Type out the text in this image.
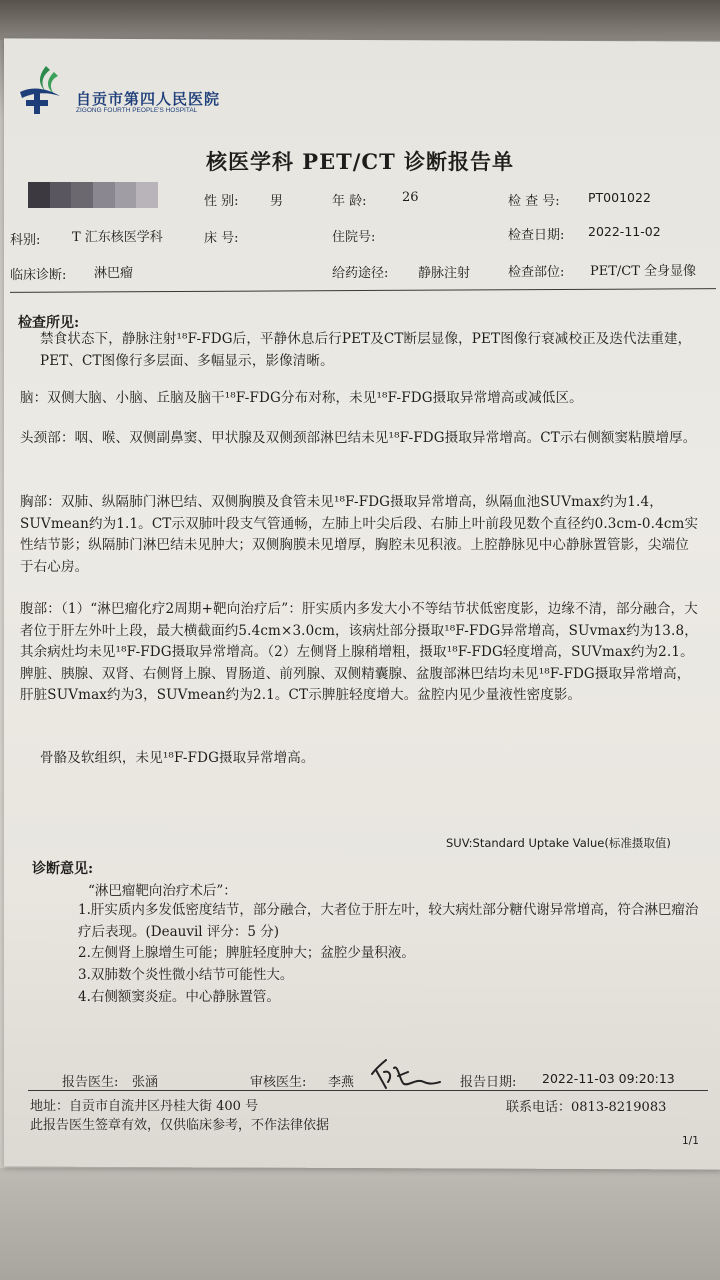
自贡市第四人民医院
ZIGONG FOURTH PEOPLE'S HOSPITAL
核医学科 PET/CT 诊断报告单
性 别: 男	年 龄:	26	检 查 号: PT001022
科别: T 汇东核医学科	床 号:	住院号:	检查日期: 2022-11-02
临床诊断: 淋巴瘤	给药途径: 静脉注射	检查部位: PET/CT 全身显像
检查所见:
禁食状态下，静脉注射¹⁸F-FDG后，平静休息后行PET及CT断层显像，PET图像行衰减校正及迭代法重建，PET、CT图像行多层面、多幅显示，影像清晰。
脑：双侧大脑、小脑、丘脑及脑干¹⁸F-FDG分布对称，未见¹⁸F-FDG摄取异常增高或减低区。
头颈部：咽、喉、双侧副鼻窦、甲状腺及双侧颈部淋巴结未见¹⁸F-FDG摄取异常增高。CT示右侧额窦粘膜增厚。
胸部：双肺、纵隔肺门淋巴结、双侧胸膜及食管未见¹⁸F-FDG摄取异常增高，纵隔血池SUVmax约为1.4，SUVmean约为1.1。CT示双肺叶段支气管通畅，左肺上叶尖后段、右肺上叶前段见数个直径约0.3cm-0.4cm实性结节影；纵隔肺门淋巴结未见肿大；双侧胸膜未见增厚，胸腔未见积液。上腔静脉见中心静脉置管影，尖端位于右心房。
腹部：（1）“淋巴瘤化疗2周期+靶向治疗后”：肝实质内多发大小不等结节状低密度影，边缘不清，部分融合，大者位于肝左外叶上段，最大横截面约5.4cm×3.0cm，该病灶部分摄取¹⁸F-FDG异常增高，SUvmax约为13.8，其余病灶均未见¹⁸F-FDG摄取异常增高。（2）左侧肾上腺稍增粗，摄取¹⁸F-FDG轻度增高，SUVmax约为2.1。脾脏、胰腺、双肾、右侧肾上腺、胃肠道、前列腺、双侧精囊腺、盆腹部淋巴结均未见¹⁸F-FDG摄取异常增高，肝脏SUVmax约为3，SUVmean约为2.1。CT示脾脏轻度增大。盆腔内见少量液性密度影。
骨骼及软组织，未见¹⁸F-FDG摄取异常增高。
SUV:Standard Uptake Value(标准摄取值)
诊断意见:
“淋巴瘤靶向治疗术后”：
1.肝实质内多发低密度结节，部分融合，大者位于肝左叶，较大病灶部分糖代谢异常增高，符合淋巴瘤治疗后表现。(Deauvil 评分：5 分)
2.左侧肾上腺增生可能；脾脏轻度肿大；盆腔少量积液。
3.双肺数个炎性微小结节可能性大。
4.右侧额窦炎症。中心静脉置管。
报告医生: 张涵	审核医生: 李燕	报告日期: 2022-11-03 09:20:13
地址：自贡市自流井区丹桂大街 400 号	联系电话：0813-8219083
此报告医生签章有效，仅供临床参考，不作法律依据
1/1
